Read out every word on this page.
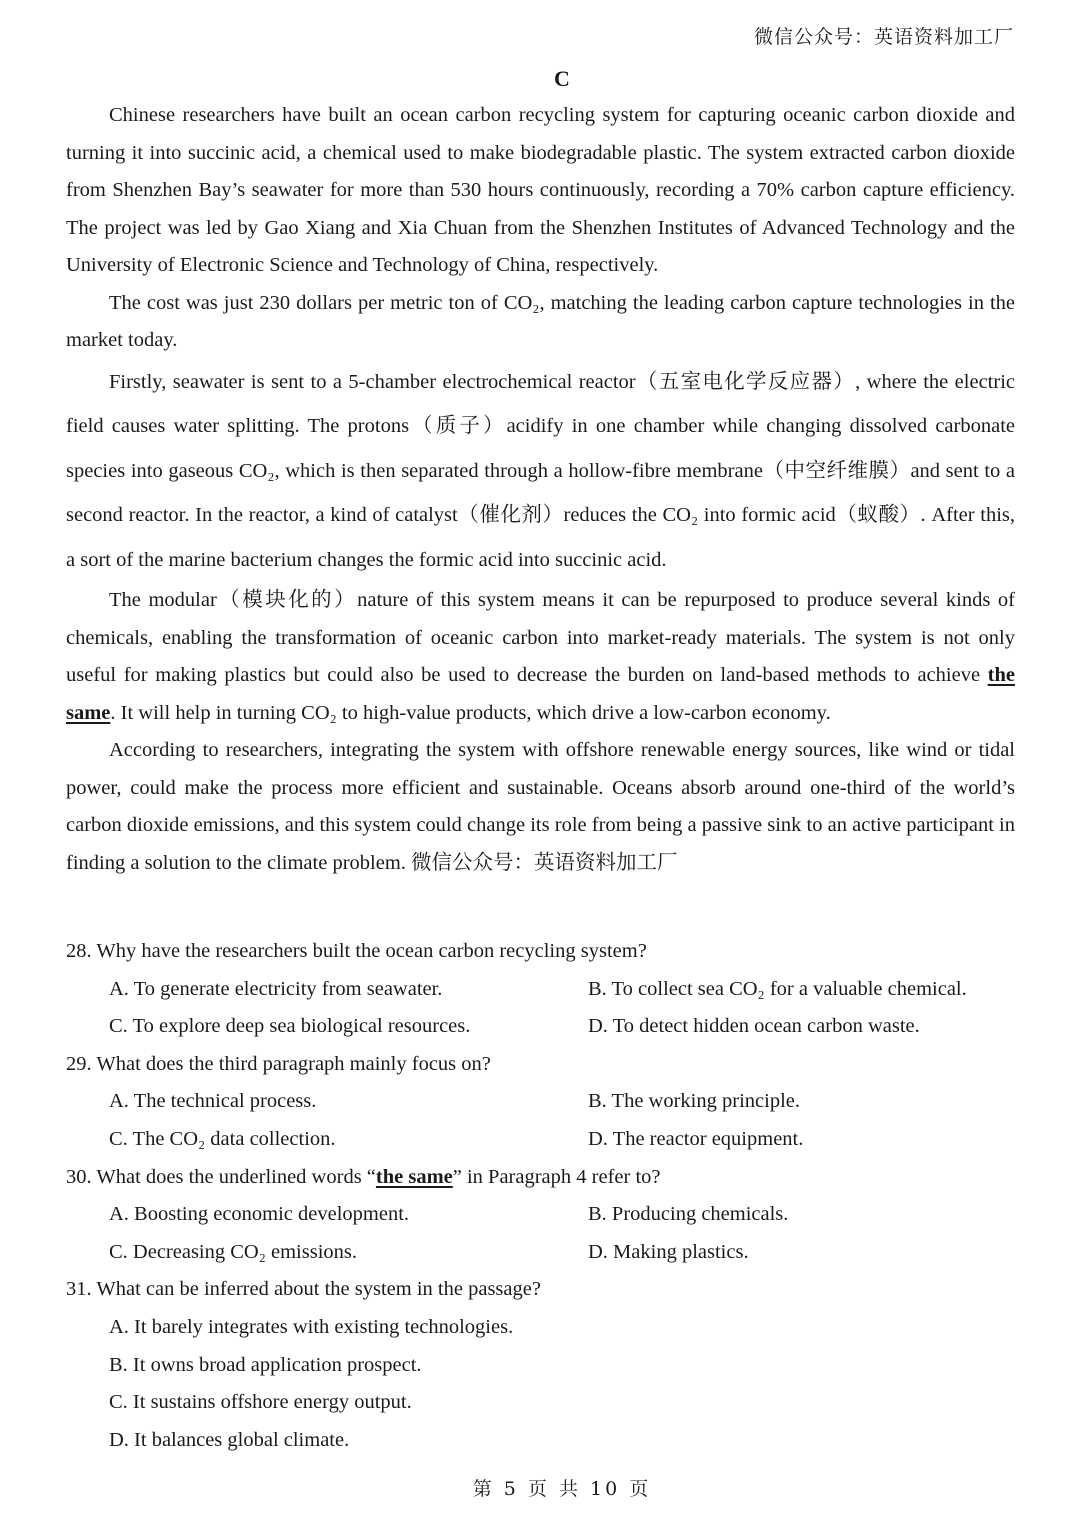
微信公众号：英语资料加工厂
C

Chinese researchers have built an ocean carbon recycling system for capturing oceanic carbon dioxide and turning it into succinic acid, a chemical used to make biodegradable plastic. The system extracted carbon dioxide from Shenzhen Bay’s seawater for more than 530 hours continuously, recording a 70% carbon capture efficiency. The project was led by Gao Xiang and Xia Chuan from the Shenzhen Institutes of Advanced Technology and the University of Electronic Science and Technology of China, respectively.

The cost was just 230 dollars per metric ton of CO₂, matching the leading carbon capture technologies in the market today.

Firstly, seawater is sent to a 5-chamber electrochemical reactor（五室电化学反应器）, where the electric field causes water splitting. The protons（质子）acidify in one chamber while changing dissolved carbonate species into gaseous CO₂, which is then separated through a hollow-fibre membrane（中空纤维膜）and sent to a second reactor. In the reactor, a kind of catalyst（催化剂）reduces the CO₂ into formic acid（蚁酸）. After this, a sort of the marine bacterium changes the formic acid into succinic acid.

The modular（模块化的）nature of this system means it can be repurposed to produce several kinds of chemicals, enabling the transformation of oceanic carbon into market-ready materials. The system is not only useful for making plastics but could also be used to decrease the burden on land-based methods to achieve the same. It will help in turning CO₂ to high-value products, which drive a low-carbon economy.

According to researchers, integrating the system with offshore renewable energy sources, like wind or tidal power, could make the process more efficient and sustainable. Oceans absorb around one-third of the world’s carbon dioxide emissions, and this system could change its role from being a passive sink to an active participant in finding a solution to the climate problem. 微信公众号：英语资料加工厂

28. Why have the researchers built the ocean carbon recycling system?
A. To generate electricity from seawater.	B. To collect sea CO₂ for a valuable chemical.
C. To explore deep sea biological resources.	D. To detect hidden ocean carbon waste.
29. What does the third paragraph mainly focus on?
A. The technical process.	B. The working principle.
C. The CO₂ data collection.	D. The reactor equipment.
30. What does the underlined words “the same” in Paragraph 4 refer to?
A. Boosting economic development.	B. Producing chemicals.
C. Decreasing CO₂ emissions.	D. Making plastics.
31. What can be inferred about the system in the passage?
A. It barely integrates with existing technologies.
B. It owns broad application prospect.
C. It sustains offshore energy output.
D. It balances global climate.
第 5 页 共 10 页
